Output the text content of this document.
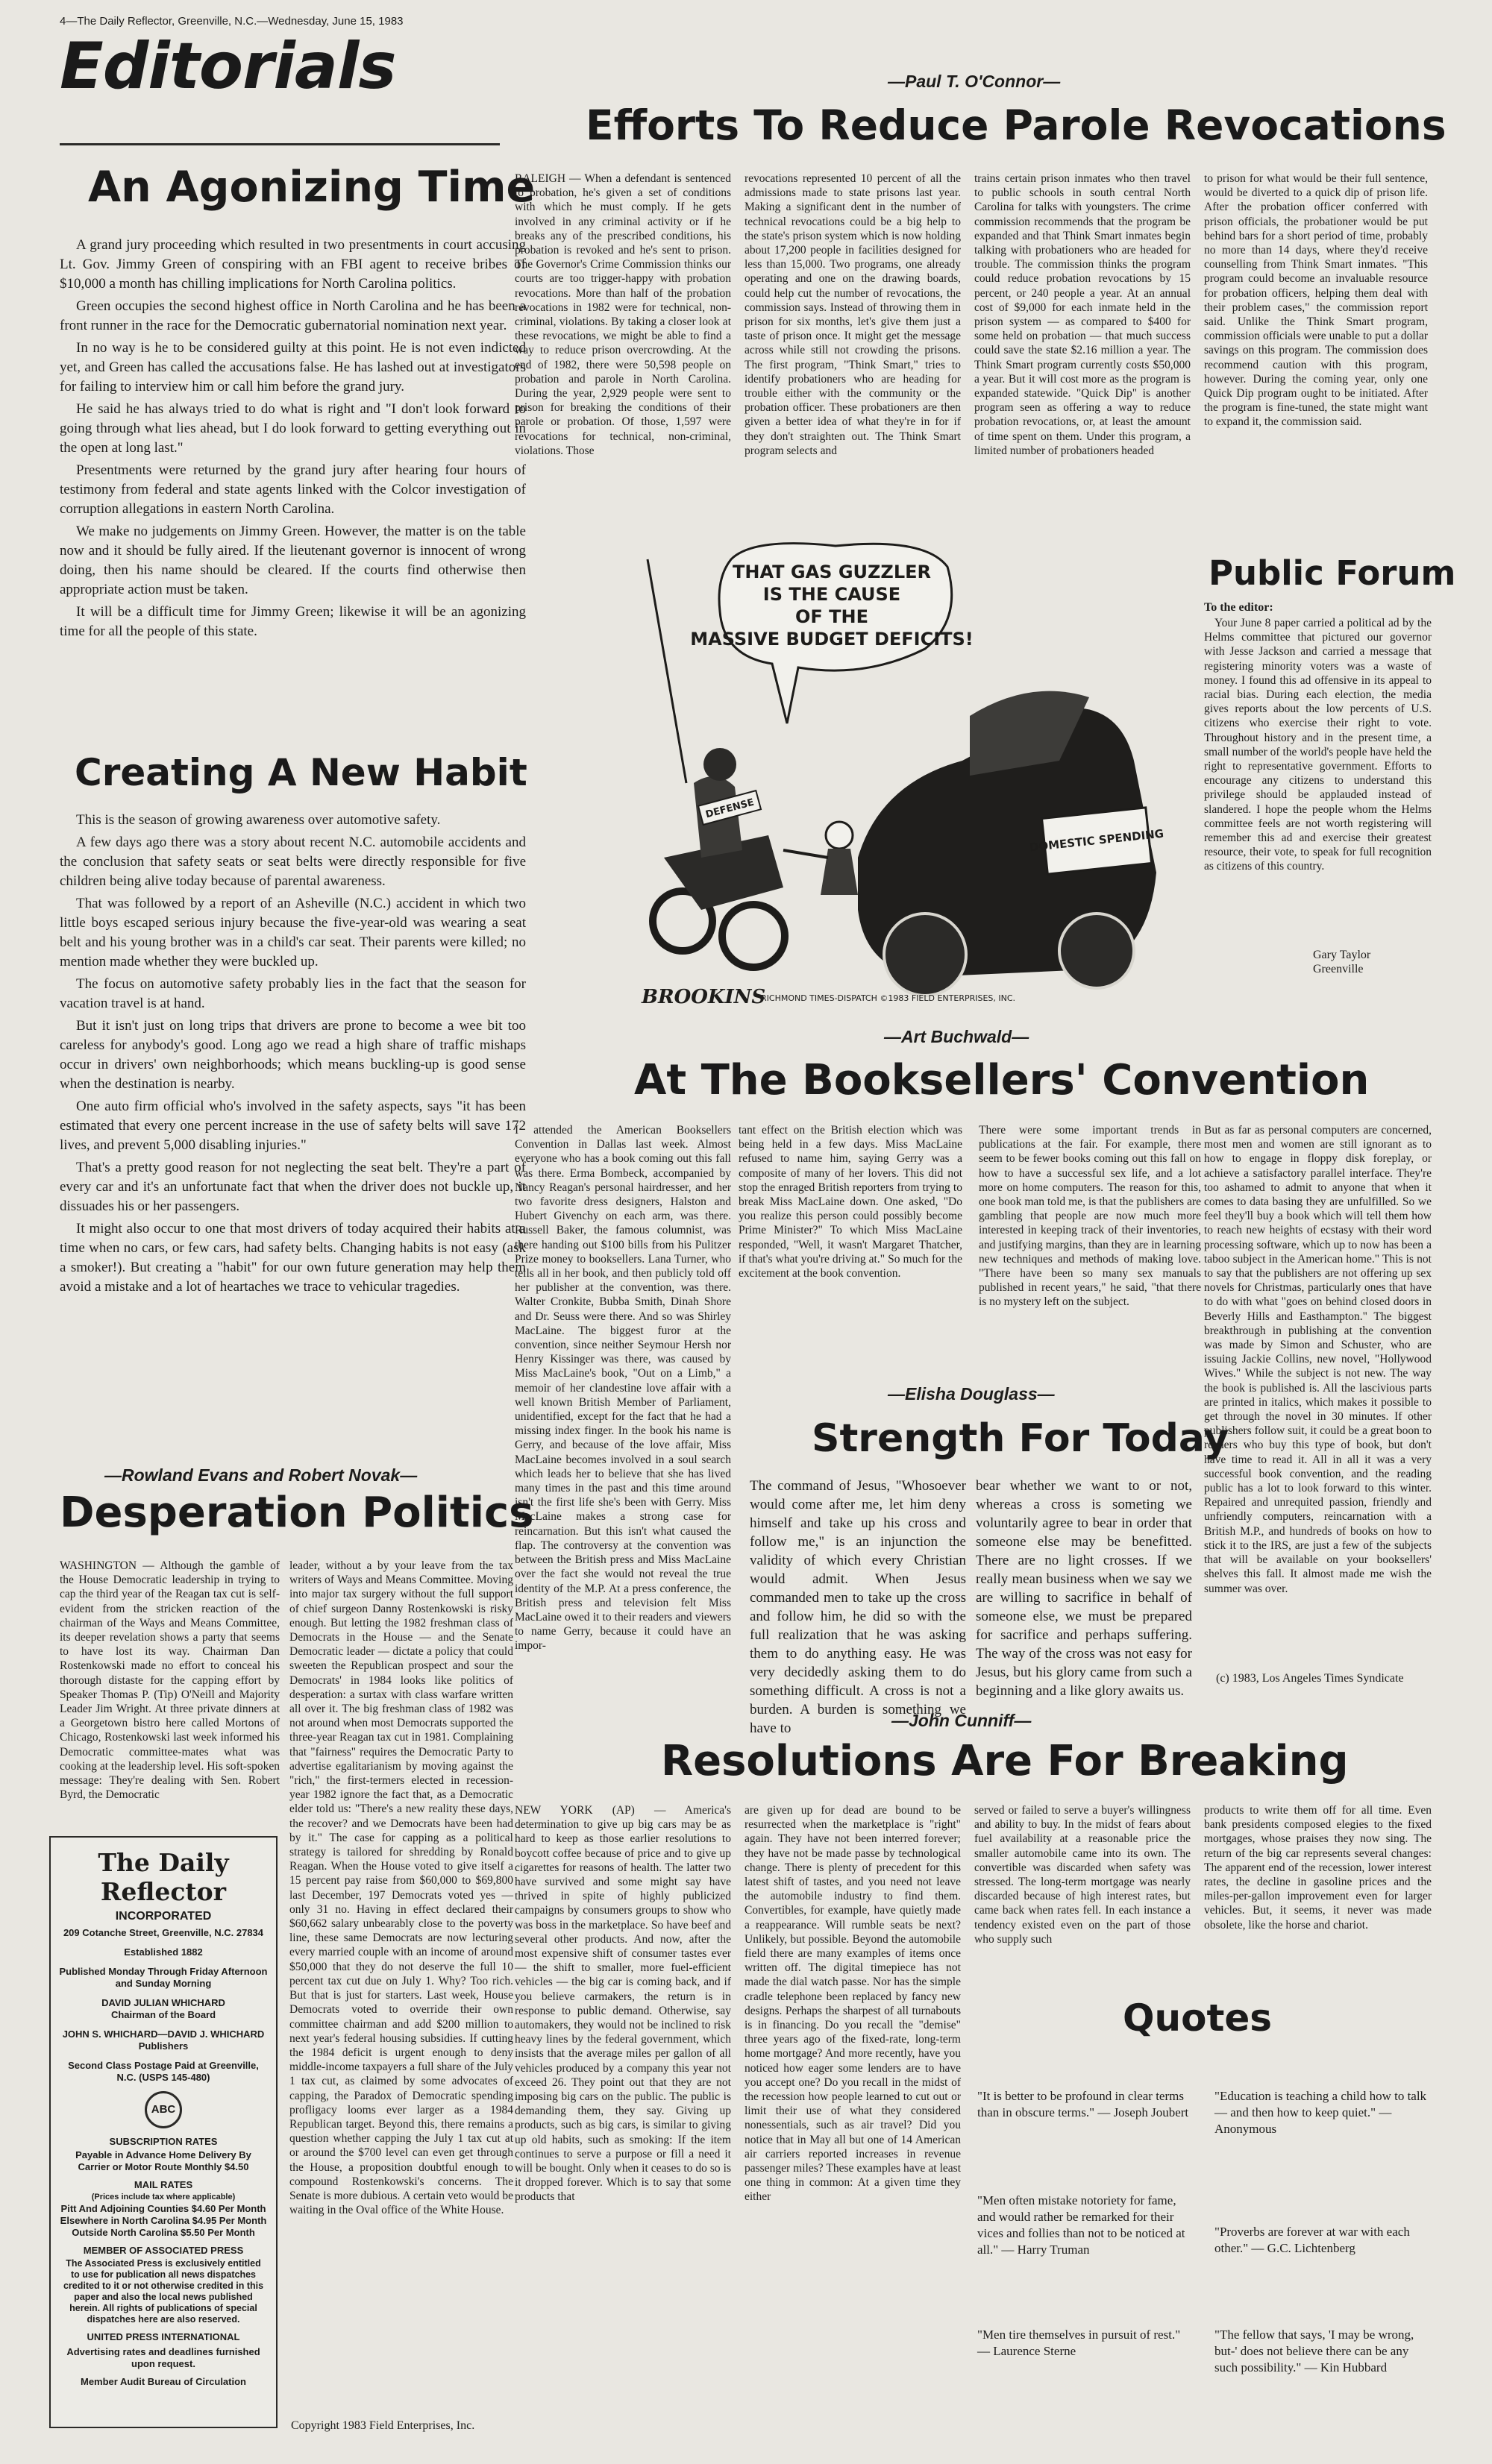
4—The Daily Reflector, Greenville, N.C.—Wednesday, June 15, 1983
Editorials
An Agonizing Time

A grand jury proceeding which resulted in two presentments in court accusing Lt. Gov. Jimmy Green of conspiring with an FBI agent to receive bribes of $10,000 a month has chilling implications for North Carolina politics.

Green occupies the second highest office in North Carolina and he has been a front runner in the race for the Democratic gubernatorial nomination next year.

In no way is he to be considered guilty at this point. He is not even indicted yet, and Green has called the accusations false. He has lashed out at investigators for failing to interview him or call him before the grand jury.

He said he has always tried to do what is right and "I don't look forward to going through what lies ahead, but I do look forward to getting everything out in the open at long last."

Presentments were returned by the grand jury after hearing four hours of testimony from federal and state agents linked with the Colcor investigation of corruption allegations in eastern North Carolina.

We make no judgements on Jimmy Green. However, the matter is on the table now and it should be fully aired. If the lieutenant governor is innocent of wrong doing, then his name should be cleared. If the courts find otherwise then appropriate action must be taken.

It will be a difficult time for Jimmy Green; likewise it will be an agonizing time for all the people of this state.

Creating A New Habit

This is the season of growing awareness over automotive safety.

A few days ago there was a story about recent N.C. automobile accidents and the conclusion that safety seats or seat belts were directly responsible for five children being alive today because of parental awareness.

That was followed by a report of an Asheville (N.C.) accident in which two little boys escaped serious injury because the five-year-old was wearing a seat belt and his young brother was in a child's car seat. Their parents were killed; no mention made whether they were buckled up.

The focus on automotive safety probably lies in the fact that the season for vacation travel is at hand.

But it isn't just on long trips that drivers are prone to become a wee bit too careless for anybody's good. Long ago we read a high share of traffic mishaps occur in drivers' own neighborhoods; which means buckling-up is good sense when the destination is nearby.

One auto firm official who's involved in the safety aspects, says "it has been estimated that every one percent increase in the use of safety belts will save 172 lives, and prevent 5,000 disabling injuries."

That's a pretty good reason for not neglecting the seat belt. They're a part of every car and it's an unfortunate fact that when the driver does not buckle up, it dissuades his or her passengers.

It might also occur to one that most drivers of today acquired their habits at a time when no cars, or few cars, had safety belts. Changing habits is not easy (ask a smoker!). But creating a "habit" for our own future generation may help them avoid a mistake and a lot of heartaches we trace to vehicular tragedies.

—Rowland Evans and Robert Novak—
Desperation Politics
WASHINGTON — Although the gamble of the House Democratic leadership in trying to cap the third year of the Reagan tax cut is self-evident from the stricken reaction of the chairman of the Ways and Means Committee, its deeper revelation shows a party that seems to have lost its way. Chairman Dan Rostenkowski made no effort to conceal his thorough distaste for the capping effort by Speaker Thomas P. (Tip) O'Neill and Majority Leader Jim Wright. At three private dinners at a Georgetown bistro here called Mortons of Chicago, Rostenkowski last week informed his Democratic committee-mates what was cooking at the leadership level. His soft-spoken message: They're dealing with Sen. Robert Byrd, the Democratic
leader, without a by your leave from the tax writers of Ways and Means Committee. Moving into major tax surgery without the full support of chief surgeon Danny Rostenkowski is risky enough. But letting the 1982 freshman class of Democrats in the House — and the Senate Democratic leader — dictate a policy that could sweeten the Republican prospect and sour the Democrats' in 1984 looks like politics of desperation: a surtax with class warfare written all over it. The big freshman class of 1982 was not around when most Democrats supported the three-year Reagan tax cut in 1981. Complaining that "fairness" requires the Democratic Party to advertise egalitarianism by moving against the "rich," the first-termers elected in recession-year 1982 ignore the fact that, as a Democratic elder told us: "There's a new reality these days, the recover? and we Democrats have been had by it." The case for capping as a political strategy is tailored for shredding by Ronald Reagan. When the House voted to give itself a 15 percent pay raise from $60,000 to $69,800 last December, 197 Democrats voted yes — only 31 no. Having in effect declared their $60,662 salary unbearably close to the poverty line, these same Democrats are now lecturing every married couple with an income of around $50,000 that they do not deserve the full 10 percent tax cut due on July 1. Why? Too rich. But that is just for starters. Last week, House Democrats voted to override their own committee chairman and add $200 million to next year's federal housing subsidies. If cutting the 1984 deficit is urgent enough to deny middle-income taxpayers a full share of the July 1 tax cut, as claimed by some advocates of capping, the Paradox of Democratic spending profligacy looms ever larger as a 1984 Republican target. Beyond this, there remains a question whether capping the July 1 tax cut at or around the $700 level can even get through the House, a proposition doubtful enough to compound Rostenkowski's concerns. The Senate is more dubious. A certain veto would be waiting in the Oval office of the White House.
Copyright 1983 Field Enterprises, Inc.
The Daily Reflector
INCORPORATED
209 Cotanche Street, Greenville, N.C. 27834
Established 1882
Published Monday Through Friday Afternoon and Sunday Morning
DAVID JULIAN WHICHARD
Chairman of the Board
JOHN S. WHICHARD—DAVID J. WHICHARD
Publishers
Second Class Postage Paid at Greenville, N.C. (USPS 145-480)
ABC
SUBSCRIPTION RATES
Payable in Advance Home Delivery By Carrier or Motor Route Monthly $4.50
MAIL RATES
(Prices include tax where applicable)
Pitt And Adjoining Counties $4.60 Per Month
Elsewhere in North Carolina $4.95 Per Month
Outside North Carolina $5.50 Per Month
MEMBER OF ASSOCIATED PRESS
The Associated Press is exclusively entitled to use for publication all news dispatches credited to it or not otherwise credited in this paper and also the local news published herein. All rights of publications of special dispatches here are also reserved.
UNITED PRESS INTERNATIONAL
Advertising rates and deadlines furnished upon request.
Member Audit Bureau of Circulation
—Paul T. O'Connor—
Efforts To Reduce Parole Revocations
RALEIGH — When a defendant is sentenced to probation, he's given a set of conditions with which he must comply. If he gets involved in any criminal activity or if he breaks any of the prescribed conditions, his probation is revoked and he's sent to prison. The Governor's Crime Commission thinks our courts are too trigger-happy with probation revocations. More than half of the probation revocations in 1982 were for technical, non-criminal, violations. By taking a closer look at these revocations, we might be able to find a way to reduce prison overcrowding. At the end of 1982, there were 50,598 people on probation and parole in North Carolina. During the year, 2,929 people were sent to prison for breaking the conditions of their parole or probation. Of those, 1,597 were revocations for technical, non-criminal, violations. Those
revocations represented 10 percent of all the admissions made to state prisons last year. Making a significant dent in the number of technical revocations could be a big help to the state's prison system which is now holding about 17,200 people in facilities designed for less than 15,000. Two programs, one already operating and one on the drawing boards, could help cut the number of revocations, the commission says. Instead of throwing them in prison for six months, let's give them just a taste of prison once. It might get the message across while still not crowding the prisons. The first program, "Think Smart," tries to identify probationers who are heading for trouble either with the community or the probation officer. These probationers are then given a better idea of what they're in for if they don't straighten out. The Think Smart program selects and
trains certain prison inmates who then travel to public schools in south central North Carolina for talks with youngsters. The crime commission recommends that the program be expanded and that Think Smart inmates begin talking with probationers who are headed for trouble. The commission thinks the program could reduce probation revocations by 15 percent, or 240 people a year. At an annual cost of $9,000 for each inmate held in the prison system — as compared to $400 for some held on probation — that much success could save the state $2.16 million a year. The Think Smart program currently costs $50,000 a year. But it will cost more as the program is expanded statewide. "Quick Dip" is another program seen as offering a way to reduce probation revocations, or, at least the amount of time spent on them. Under this program, a limited number of probationers headed
to prison for what would be their full sentence, would be diverted to a quick dip of prison life. After the probation officer conferred with prison officials, the probationer would be put behind bars for a short period of time, probably no more than 14 days, where they'd receive counselling from Think Smart inmates. "This program could become an invaluable resource for probation officers, helping them deal with their problem cases," the commission report said. Unlike the Think Smart program, commission officials were unable to put a dollar savings on this program. The commission does recommend caution with this program, however. During the coming year, only one Quick Dip program ought to be initiated. After the program is fine-tuned, the state might want to expand it, the commission said.
THAT GAS GUZZLER
IS THE CAUSE
OF THE
MASSIVE BUDGET DEFICITS!
DOMESTIC SPENDING
DEFENSE
BROOKINS
RICHMOND TIMES-DISPATCH ©1983 FIELD ENTERPRISES, INC.
Public Forum
To the editor:
Your June 8 paper carried a political ad by the Helms committee that pictured our governor with Jesse Jackson and carried a message that registering minority voters was a waste of money. I found this ad offensive in its appeal to racial bias. During each election, the media gives reports about the low percents of U.S. citizens who exercise their right to vote. Throughout history and in the present time, a small number of the world's people have held the right to representative government. Efforts to encourage any citizens to understand this privilege should be applauded instead of slandered. I hope the people whom the Helms committee feels are not worth registering will remember this ad and exercise their greatest resource, their vote, to speak for full recognition as citizens of this country.
Gary Taylor
Greenville
—Art Buchwald—
At The Booksellers' Convention
I attended the American Booksellers Convention in Dallas last week. Almost everyone who has a book coming out this fall was there. Erma Bombeck, accompanied by Nancy Reagan's personal hairdresser, and her two favorite dress designers, Halston and Hubert Givenchy on each arm, was there. Russell Baker, the famous columnist, was there handing out $100 bills from his Pulitzer Prize money to booksellers. Lana Turner, who tells all in her book, and then publicly told off her publisher at the convention, was there. Walter Cronkite, Bubba Smith, Dinah Shore and Dr. Seuss were there. And so was Shirley MacLaine. The biggest furor at the convention, since neither Seymour Hersh nor Henry Kissinger was there, was caused by Miss MacLaine's book, "Out on a Limb," a memoir of her clandestine love affair with a well known British Member of Parliament, unidentified, except for the fact that he had a missing index finger. In the book his name is Gerry, and because of the love affair, Miss MacLaine becomes involved in a soul search which leads her to believe that she has lived many times in the past and this time around isn't the first life she's been with Gerry. Miss MacLaine makes a strong case for reincarnation. But this isn't what caused the flap. The controversy at the convention was between the British press and Miss MacLaine over the fact she would not reveal the true identity of the M.P. At a press conference, the British press and television felt Miss MacLaine owed it to their readers and viewers to name Gerry, because it could have an impor-
tant effect on the British election which was being held in a few days. Miss MacLaine refused to name him, saying Gerry was a composite of many of her lovers. This did not stop the enraged British reporters from trying to break Miss MacLaine down. One asked, "Do you realize this person could possibly become Prime Minister?" To which Miss MacLaine responded, "Well, it wasn't Margaret Thatcher, if that's what you're driving at." So much for the excitement at the book convention.
There were some important trends in publications at the fair. For example, there seem to be fewer books coming out this fall on how to have a successful sex life, and a lot more on home computers. The reason for this, one book man told me, is that the publishers are gambling that people are now much more interested in keeping track of their inventories, and justifying margins, than they are in learning new techniques and methods of making love. "There have been so many sex manuals published in recent years," he said, "that there is no mystery left on the subject.
But as far as personal computers are concerned, most men and women are still ignorant as to how to engage in floppy disk foreplay, or achieve a satisfactory parallel interface. They're too ashamed to admit to anyone that when it comes to data basing they are unfulfilled. So we feel they'll buy a book which will tell them how to reach new heights of ecstasy with their word processing software, which up to now has been a taboo subject in the American home." This is not to say that the publishers are not offering up sex novels for Christmas, particularly ones that have to do with what "goes on behind closed doors in Beverly Hills and Easthampton." The biggest breakthrough in publishing at the convention was made by Simon and Schuster, who are issuing Jackie Collins, new novel, "Hollywood Wives." While the subject is not new. The way the book is published is. All the lascivious parts are printed in italics, which makes it possible to get through the novel in 30 minutes. If other publishers follow suit, it could be a great boon to readers who buy this type of book, but don't have time to read it. All in all it was a very successful book convention, and the reading public has a lot to look forward to this winter. Repaired and unrequited passion, friendly and unfriendly computers, reincarnation with a British M.P., and hundreds of books on how to stick it to the IRS, are just a few of the subjects that will be available on your booksellers' shelves this fall. It almost made me wish the summer was over.
(c) 1983, Los Angeles Times Syndicate
—Elisha Douglass—
Strength For Today
The command of Jesus, "Whosoever would come after me, let him deny himself and take up his cross and follow me," is an injunction the validity of which every Christian would admit. When Jesus commanded men to take up the cross and follow him, he did so with the full realization that he was asking them to do anything easy. He was very decidedly asking them to do something difficult. A cross is not a burden. A burden is something we have to
bear whether we want to or not, whereas a cross is someting we voluntarily agree to bear in order that someone else may be benefitted. There are no light crosses. If we really mean business when we say we are willing to sacrifice in behalf of someone else, we must be prepared for sacrifice and perhaps suffering. The way of the cross was not easy for Jesus, but his glory came from such a beginning and a like glory awaits us.
—John Cunniff—
Resolutions Are For Breaking
NEW YORK (AP) — America's determination to give up big cars may be as hard to keep as those earlier resolutions to boycott coffee because of price and to give up cigarettes for reasons of health. The latter two have survived and some might say have thrived in spite of highly publicized campaigns by consumers groups to show who was boss in the marketplace. So have beef and several other products. And now, after the most expensive shift of consumer tastes ever — the shift to smaller, more fuel-efficient vehicles — the big car is coming back, and if you believe carmakers, the return is in response to public demand. Otherwise, say automakers, they would not be inclined to risk heavy lines by the federal government, which insists that the average miles per gallon of all vehicles produced by a company this year not exceed 26. They point out that they are not imposing big cars on the public. The public is demanding them, they say. Giving up products, such as big cars, is similar to giving up old habits, such as smoking: If the item continues to serve a purpose or fill a need it will be bought. Only when it ceases to do so is it dropped forever. Which is to say that some products that
are given up for dead are bound to be resurrected when the marketplace is "right" again. They have not been interred forever; they have not be made passe by technological change. There is plenty of precedent for this latest shift of tastes, and you need not leave the automobile industry to find them. Convertibles, for example, have quietly made a reappearance. Will rumble seats be next? Unlikely, but possible. Beyond the automobile field there are many examples of items once written off. The digital timepiece has not made the dial watch passe. Nor has the simple cradle telephone been replaced by fancy new designs. Perhaps the sharpest of all turnabouts is in financing. Do you recall the "demise" three years ago of the fixed-rate, long-term home mortgage? And more recently, have you noticed how eager some lenders are to have you accept one? Do you recall in the midst of the recession how people learned to cut out or limit their use of what they considered nonessentials, such as air travel? Did you notice that in May all but one of 14 American air carriers reported increases in revenue passenger miles? These examples have at least one thing in common: At a given time they either
served or failed to serve a buyer's willingness and ability to buy. In the midst of fears about fuel availability at a reasonable price the smaller automobile came into its own. The convertible was discarded when safety was stressed. The long-term mortgage was nearly discarded because of high interest rates, but came back when rates fell. In each instance a tendency existed even on the part of those who supply such
products to write them off for all time. Even bank presidents composed elegies to the fixed mortgages, whose praises they now sing. The return of the big car represents several changes: The apparent end of the recession, lower interest rates, the decline in gasoline prices and the miles-per-gallon improvement even for larger vehicles. But, it seems, it never was made obsolete, like the horse and chariot.
Quotes
"It is better to be profound in clear terms than in obscure terms." — Joseph Joubert
"Education is teaching a child how to talk — and then how to keep quiet." — Anonymous
"Men often mistake notoriety for fame, and would rather be remarked for their vices and follies than not to be noticed at all." — Harry Truman
"Proverbs are forever at war with each other." — G.C. Lichtenberg
"Men tire themselves in pursuit of rest." — Laurence Sterne
"The fellow that says, 'I may be wrong, but-' does not believe there can be any such possibility." — Kin Hubbard
